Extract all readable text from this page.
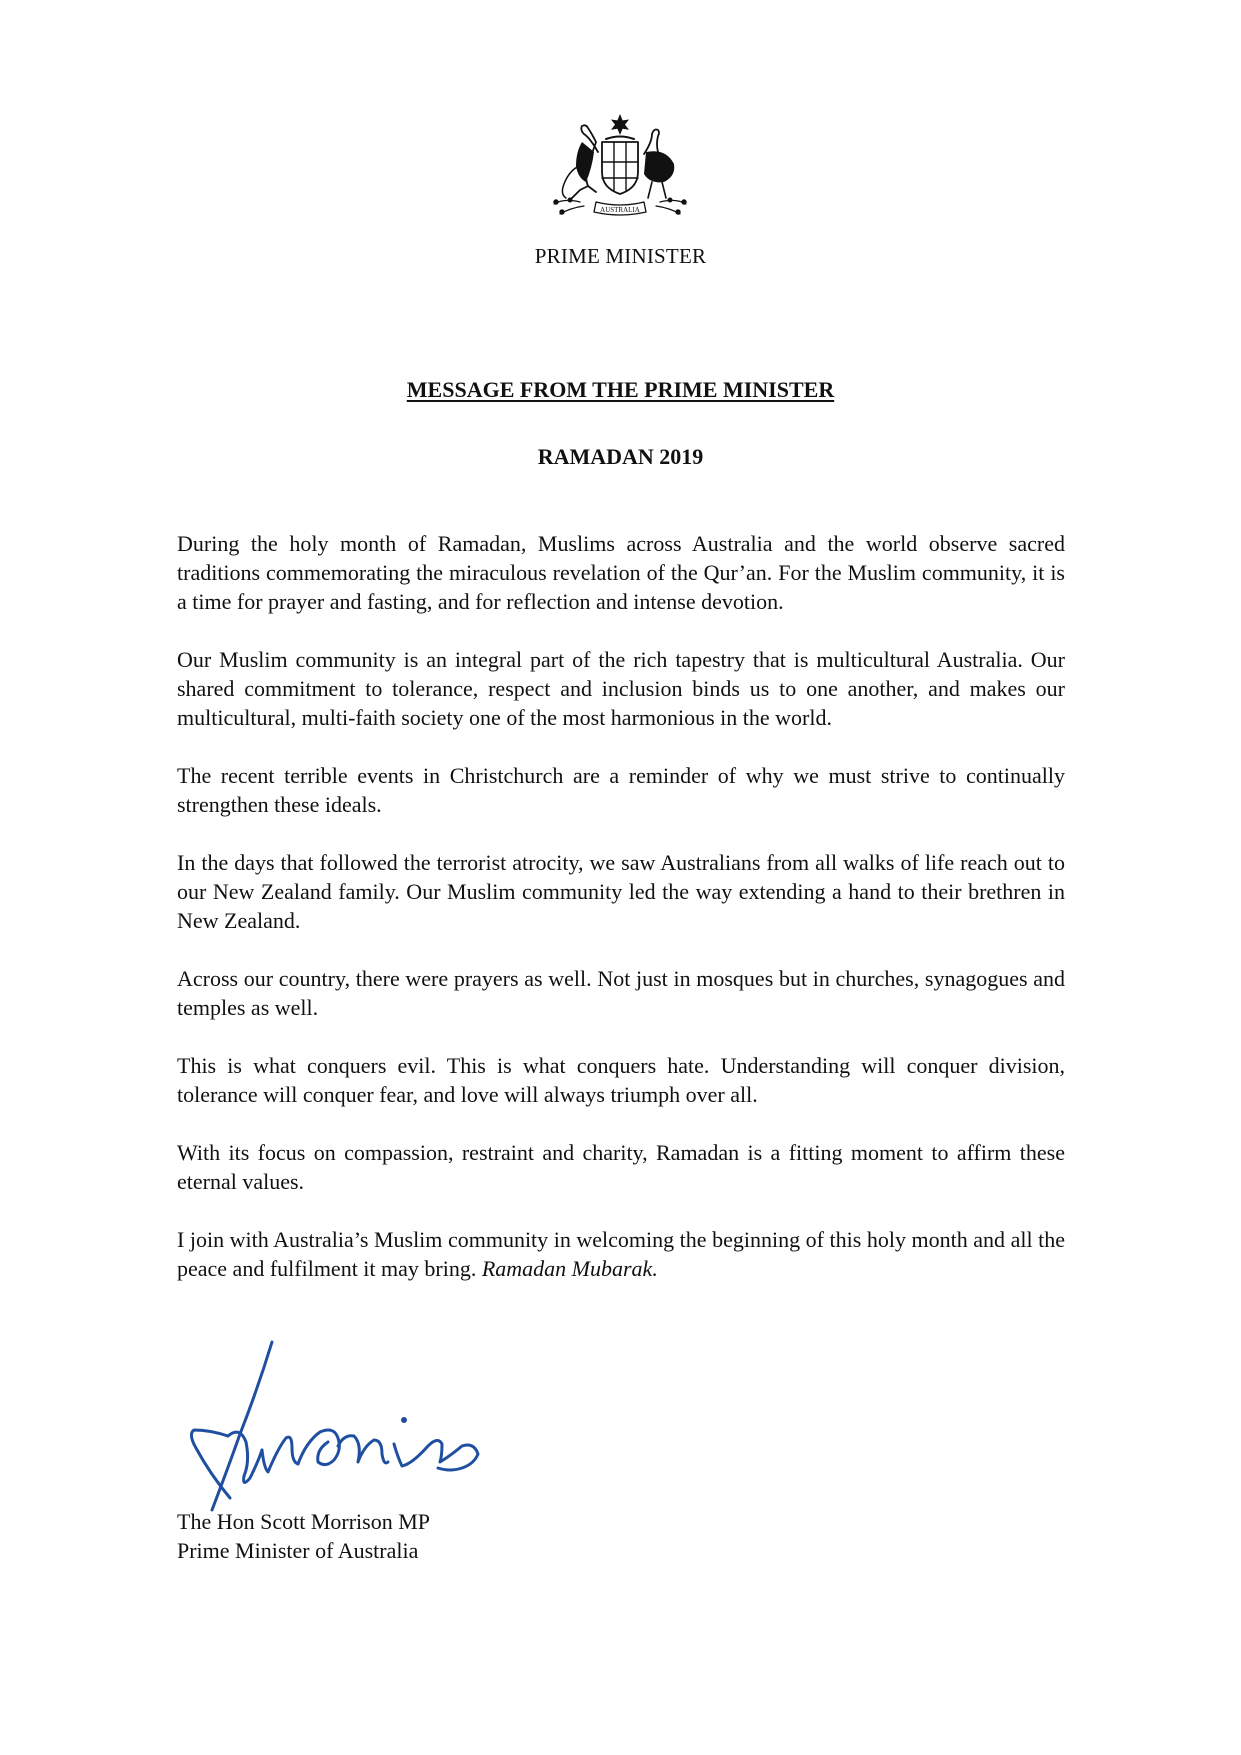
AUSTRALIA
PRIME MINISTER
MESSAGE FROM THE PRIME MINISTER
RAMADAN 2019

During the holy month of Ramadan, Muslims across Australia and the world observe sacred traditions commemorating the miraculous revelation of the Qur’an. For the Muslim community, it is a time for prayer and fasting, and for reflection and intense devotion.

Our Muslim community is an integral part of the rich tapestry that is multicultural Australia. Our shared commitment to tolerance, respect and inclusion binds us to one another, and makes our multicultural, multi-faith society one of the most harmonious in the world.

The recent terrible events in Christchurch are a reminder of why we must strive to continually strengthen these ideals.

In the days that followed the terrorist atrocity, we saw Australians from all walks of life reach out to our New Zealand family. Our Muslim community led the way extending a hand to their brethren in New Zealand.

Across our country, there were prayers as well. Not just in mosques but in churches, synagogues and temples as well.

This is what conquers evil. This is what conquers hate. Understanding will conquer division, tolerance will conquer fear, and love will always triumph over all.

With its focus on compassion, restraint and charity, Ramadan is a fitting moment to affirm these eternal values.

I join with Australia’s Muslim community in welcoming the beginning of this holy month and all the peace and fulfilment it may bring. Ramadan Mubarak.

The Hon Scott Morrison MP
Prime Minister of Australia
